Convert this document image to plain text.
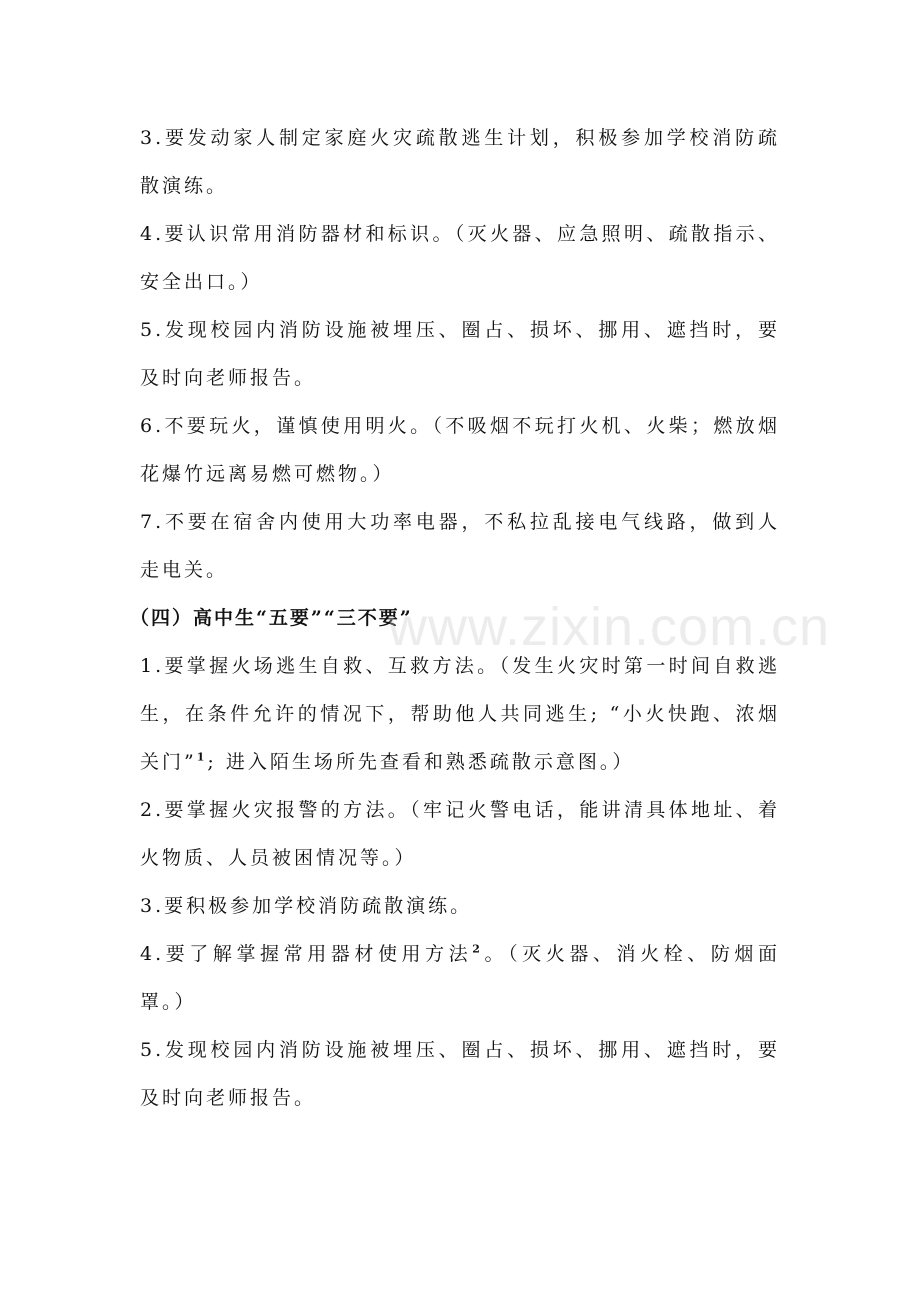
3.要发动家人制定家庭火灾疏散逃生计划，积极参加学校消防疏散演练。

4.要认识常用消防器材和标识。（灭火器、应急照明、疏散指示、安全出口。）

5.发现校园内消防设施被埋压、圈占、损坏、挪用、遮挡时，要及时向老师报告。

6.不要玩火，谨慎使用明火。（不吸烟不玩打火机、火柴；燃放烟花爆竹远离易燃可燃物。）

7.不要在宿舍内使用大功率电器，不私拉乱接电气线路，做到人走电关。

（四）高中生“五要”“三不要”

1.要掌握火场逃生自救、互救方法。（发生火灾时第一时间自救逃生，在条件允许的情况下，帮助他人共同逃生; “小火快跑、浓烟关门”$^1$; 进入陌生场所先查看和熟悉疏散示意图。）

2.要掌握火灾报警的方法。（牢记火警电话，能讲清具体地址、着火物质、人员被困情况等。）

3.要积极参加学校消防疏散演练。

4.要了解掌握常用器材使用方法$^2$。（灭火器、消火栓、防烟面罩。）

5.发现校园内消防设施被埋压、圈占、损坏、挪用、遮挡时，要及时向老师报告。

www.zixin.com.cn
